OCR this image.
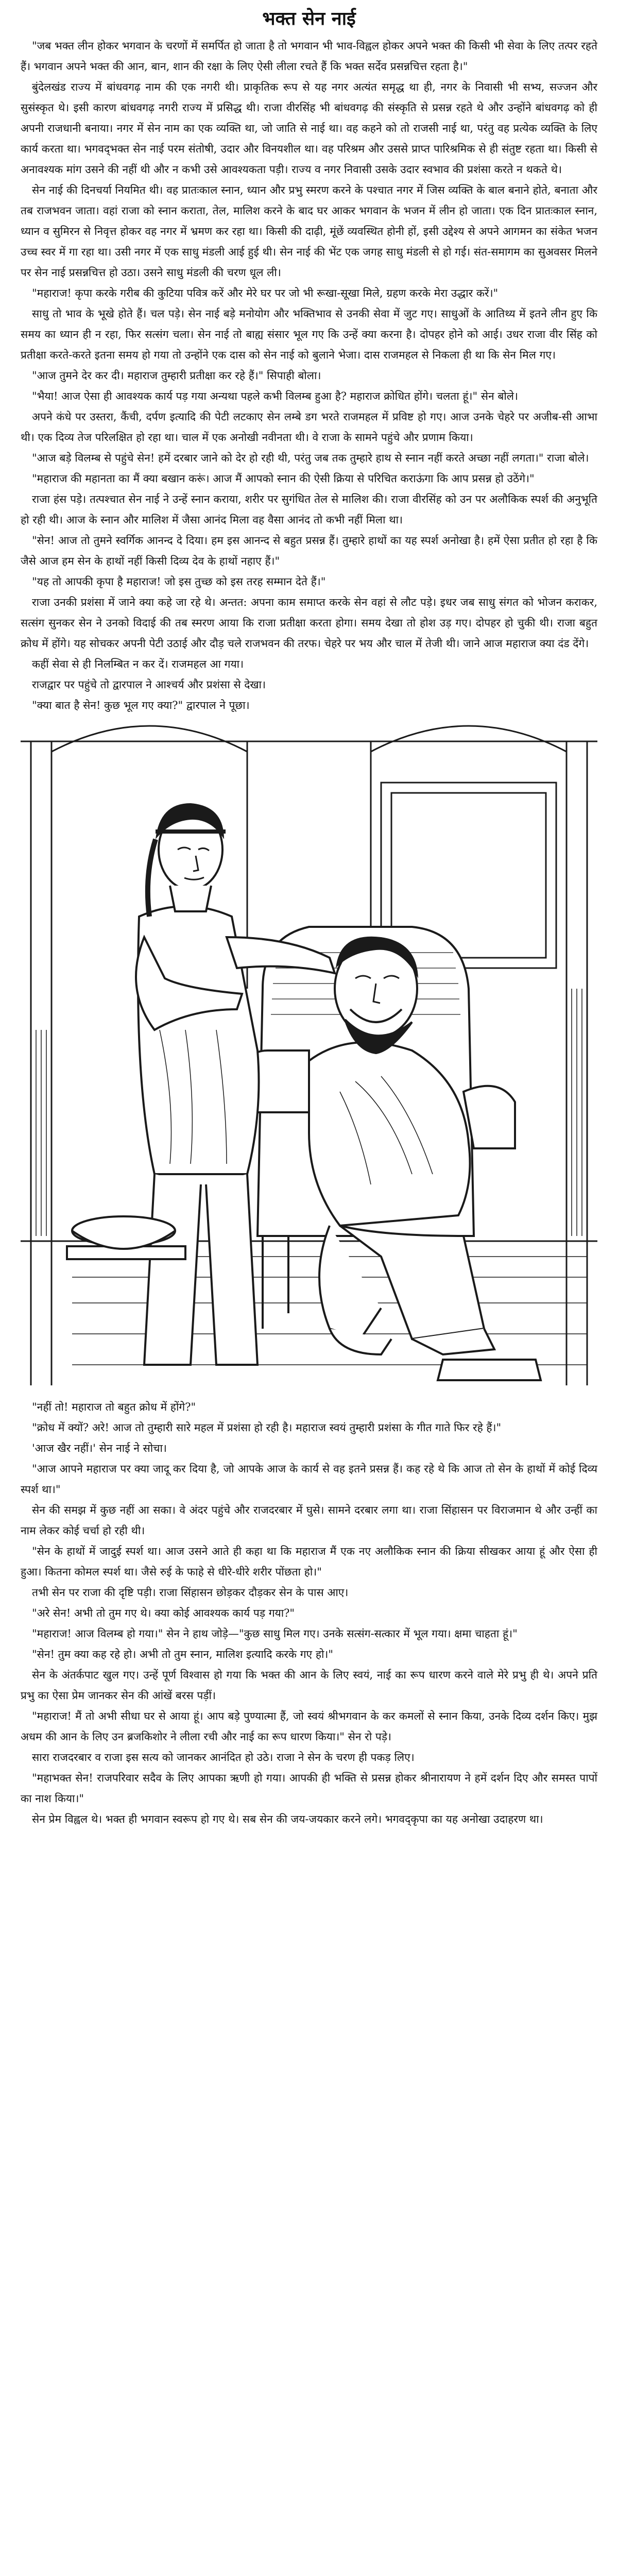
भक्त सेन नाई

"जब भक्त लीन होकर भगवान के चरणों में समर्पित हो जाता है तो भगवान भी भाव-विह्वल होकर अपने भक्त की किसी भी सेवा के लिए तत्पर रहते हैं। भगवान अपने भक्त की आन, बान, शान की रक्षा के लिए ऐसी लीला रचते हैं कि भक्त सर्देव प्रसन्नचित्त रहता है।"

बुंदेलखंड राज्य में बांधवगढ़ नाम की एक नगरी थी। प्राकृतिक रूप से यह नगर अत्यंत समृद्ध था ही, नगर के निवासी भी सभ्य, सज्जन और सुसंस्कृत थे। इसी कारण बांधवगढ़ नगरी राज्य में प्रसिद्ध थी। राजा वीरसिंह भी बांधवगढ़ की संस्कृति से प्रसन्न रहते थे और उन्होंने बांधवगढ़ को ही अपनी राजधानी बनाया। नगर में सेन नाम का एक व्यक्ति था, जो जाति से नाई था। वह कहने को तो राजसी नाई था, परंतु वह प्रत्येक व्यक्ति के लिए कार्य करता था। भगवद्‌भक्त सेन नाई परम संतोषी, उदार और विनयशील था। वह परिश्रम और उससे प्राप्त पारिश्रमिक से ही संतुष्ट रहता था। किसी से अनावश्यक मांग उसने की नहीं थी और न कभी उसे आवश्यकता पड़ी। राज्य व नगर निवासी उसके उदार स्वभाव की प्रशंसा करते न थकते थे।

सेन नाई की दिनचर्या नियमित थी। वह प्रातःकाल स्नान, ध्यान और प्रभु स्मरण करने के पश्चात नगर में जिस व्यक्ति के बाल बनाने होते, बनाता और तब राजभवन जाता। वहां राजा को स्नान कराता, तेल, मालिश करने के बाद घर आकर भगवान के भजन में लीन हो जाता। एक दिन प्रातःकाल स्नान, ध्यान व सुमिरन से निवृत्त होकर वह नगर में भ्रमण कर रहा था। किसी की दाढ़ी, मूंछें व्यवस्थित होनी हों, इसी उद्देश्य से अपने आगमन का संकेत भजन उच्च स्वर में गा रहा था। उसी नगर में एक साधु मंडली आई हुई थी। सेन नाई की भेंट एक जगह साधु मंडली से हो गई। संत-समागम का सुअवसर मिलने पर सेन नाई प्रसन्नचित्त हो उठा। उसने साधु मंडली की चरण धूल ली।

"महाराज! कृपा करके गरीब की कुटिया पवित्र करें और मेरे घर पर जो भी रूखा-सूखा मिले, ग्रहण करके मेरा उद्धार करें।"

साधु तो भाव के भूखे होते हैं। चल पड़े। सेन नाई बड़े मनोयोग और भक्तिभाव से उनकी सेवा में जुट गए। साधुओं के आतिथ्य में इतने लीन हुए कि समय का ध्यान ही न रहा, फिर सत्संग चला। सेन नाई तो बाह्य संसार भूल गए कि उन्हें क्या करना है। दोपहर होने को आई। उधर राजा वीर सिंह को प्रतीक्षा करते-करते इतना समय हो गया तो उन्होंने एक दास को सेन नाई को बुलाने भेजा। दास राजमहल से निकला ही था कि सेन मिल गए।

"आज तुमने देर कर दी। महाराज तुम्हारी प्रतीक्षा कर रहे हैं।" सिपाही बोला।

"भैया! आज ऐसा ही आवश्यक कार्य पड़ गया अन्यथा पहले कभी विलम्ब हुआ है? महाराज क्रोधित होंगे। चलता हूं।" सेन बोले।

अपने कंधे पर उस्तरा, कैंची, दर्पण इत्यादि की पेटी लटकाए सेन लम्बे डग भरते राजमहल में प्रविष्ट हो गए। आज उनके चेहरे पर अजीब-सी आभा थी। एक दिव्य तेज परिलक्षित हो रहा था। चाल में एक अनोखी नवीनता थी। वे राजा के सामने पहुंचे और प्रणाम किया।

"आज बड़े विलम्ब से पहुंचे सेन! हमें दरबार जाने को देर हो रही थी, परंतु जब तक तुम्हारे हाथ से स्नान नहीं करते अच्छा नहीं लगता।" राजा बोले।

"महाराज की महानता का मैं क्या बखान करूं। आज मैं आपको स्नान की ऐसी क्रिया से परिचित कराऊंगा कि आप प्रसन्न हो उठेंगे।"

राजा हंस पड़े। तत्पश्चात सेन नाई ने उन्हें स्नान कराया, शरीर पर सुगंधित तेल से मालिश की। राजा वीरसिंह को उन पर अलौकिक स्पर्श की अनुभूति हो रही थी। आज के स्नान और मालिश में जैसा आनंद मिला वह वैसा आनंद तो कभी नहीं मिला था।

"सेन! आज तो तुमने स्वर्गिक आनन्द दे दिया। हम इस आनन्द से बहुत प्रसन्न हैं। तुम्हारे हाथों का यह स्पर्श अनोखा है। हमें ऐसा प्रतीत हो रहा है कि जैसे आज हम सेन के हाथों नहीं किसी दिव्य देव के हाथों नहाए हैं।"

"यह तो आपकी कृपा है महाराज! जो इस तुच्छ को इस तरह सम्मान देते हैं।"

राजा उनकी प्रशंसा में जाने क्या कहे जा रहे थे। अन्तत: अपना काम समाप्त करके सेन वहां से लौट पड़े। इधर जब साधु संगत को भोजन कराकर, सत्संग सुनकर सेन ने उनको विदाई की तब स्मरण आया कि राजा प्रतीक्षा करता होगा। समय देखा तो होश उड़ गए। दोपहर हो चुकी थी। राजा बहुत क्रोध में होंगे। यह सोचकर अपनी पेटी उठाई और दौड़ चले राजभवन की तरफ। चेहरे पर भय और चाल में तेजी थी। जाने आज महाराज क्या दंड देंगे।

कहीं सेवा से ही निलम्बित न कर दें। राजमहल आ गया।

राजद्वार पर पहुंचे तो द्वारपाल ने आश्चर्य और प्रशंसा से देखा।

"क्या बात है सेन! कुछ भूल गए क्या?" द्वारपाल ने पूछा।

"नहीं तो! महाराज तो बहुत क्रोध में होंगे?"

"क्रोध में क्यों? अरे! आज तो तुम्हारी सारे महल में प्रशंसा हो रही है। महाराज स्वयं तुम्हारी प्रशंसा के गीत गाते फिर रहे हैं।"

'आज खैर नहीं।' सेन नाई ने सोचा।

"आज आपने महाराज पर क्या जादू कर दिया है, जो आपके आज के कार्य से वह इतने प्रसन्न हैं। कह रहे थे कि आज तो सेन के हाथों में कोई दिव्य स्पर्श था।"

सेन की समझ में कुछ नहीं आ सका। वे अंदर पहुंचे और राजदरबार में घुसे। सामने दरबार लगा था। राजा सिंहासन पर विराजमान थे और उन्हीं का नाम लेकर कोई चर्चा हो रही थी।

"सेन के हाथों में जादुई स्पर्श था। आज उसने आते ही कहा था कि महाराज मैं एक नए अलौकिक स्नान की क्रिया सीखकर आया हूं और ऐसा ही हुआ। कितना कोमल स्पर्श था। जैसे रुई के फाहे से धीरे-धीरे शरीर पोंछता हो।"

तभी सेन पर राजा की दृष्टि पड़ी। राजा सिंहासन छोड़कर दौड़कर सेन के पास आए।

"अरे सेन! अभी तो तुम गए थे। क्या कोई आवश्यक कार्य पड़ गया?"

"महाराज! आज विलम्ब हो गया।" सेन ने हाथ जोड़े—"कुछ साधु मिल गए। उनके सत्संग-सत्कार में भूल गया। क्षमा चाहता हूं।"

"सेन! तुम क्या कह रहे हो। अभी तो तुम स्नान, मालिश इत्यादि करके गए हो।"

सेन के अंतर्कपाट खुल गए। उन्हें पूर्ण विश्वास हो गया कि भक्त की आन के लिए स्वयं, नाई का रूप धारण करने वाले मेरे प्रभु ही थे। अपने प्रति प्रभु का ऐसा प्रेम जानकर सेन की आंखें बरस पड़ीं।

"महाराज! मैं तो अभी सीधा घर से आया हूं। आप बड़े पुण्यात्मा हैं, जो स्वयं श्रीभगवान के कर कमलों से स्नान किया, उनके दिव्य दर्शन किए। मुझ अधम की आन के लिए उन ब्रजकिशोर ने लीला रची और नाई का रूप धारण किया।" सेन रो पड़े।

सारा राजदरबार व राजा इस सत्य को जानकर आनंदित हो उठे। राजा ने सेन के चरण ही पकड़ लिए।

"महाभक्त सेन! राजपरिवार सदैव के लिए आपका ऋणी हो गया। आपकी ही भक्ति से प्रसन्न होकर श्रीनारायण ने हमें दर्शन दिए और समस्त पापों का नाश किया।"

सेन प्रेम विह्वल थे। भक्त ही भगवान स्वरूप हो गए थे। सब सेन की जय-जयकार करने लगे। भगवद्‌कृपा का यह अनोखा उदाहरण था।
